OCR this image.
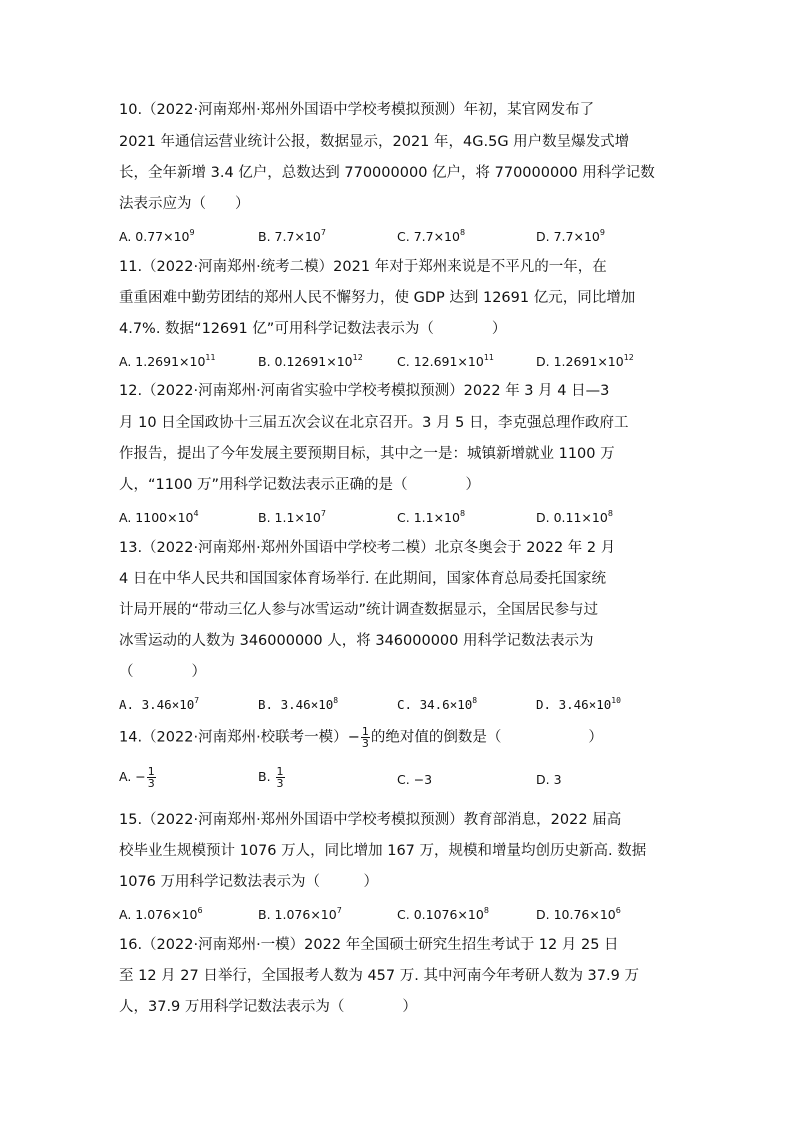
10.（2022·河南郑州·郑州外国语中学校考模拟预测）年初，某官网发布了
2021 年通信运营业统计公报，数据显示，2021 年，4G.5G 用户数呈爆发式增
长，全年新增 3.4 亿户，总数达到 770000000 亿户，将 770000000 用科学记数
法表示应为（　　）
A. $0.77\times 10^9$	B. $7.7\times 10^7$	C. $7.7\times 10^8$	D. $7.7\times 10^9$
11.（2022·河南郑州·统考二模）2021 年对于郑州来说是不平凡的一年，在
重重困难中勤劳团结的郑州人民不懈努力，使 GDP 达到 12691 亿元，同比增加
4.7%. 数据“12691 亿”可用科学记数法表示为（　　　　）
A. $1.2691\times 10^{11}$	B. $0.12691\times 10^{12}$	C. $12.691\times 10^{11}$	D. $1.2691\times 10^{12}$
12.（2022·河南郑州·河南省实验中学校考模拟预测）2022 年 3 月 4 日—3
月 10 日全国政协十三届五次会议在北京召开。3 月 5 日，李克强总理作政府工
作报告，提出了今年发展主要预期目标，其中之一是：城镇新增就业 1100 万
人，“1100 万”用科学记数法表示正确的是（　　　　）
A. $1100\times 10^4$	B. $1.1\times 10^7$	C. $1.1\times 10^8$	D. $0.11\times 10^8$
13.（2022·河南郑州·郑州外国语中学校考二模）北京冬奥会于 2022 年 2 月
4 日在中华人民共和国国家体育场举行. 在此期间，国家体育总局委托国家统
计局开展的“带动三亿人参与冰雪运动”统计调查数据显示，全国居民参与过
冰雪运动的人数为 346000000 人，将 346000000 用科学记数法表示为
（　　　　）
A. $3.46\times 10^7$	B. $3.46\times 10^8$	C. $34.6\times 10^8$	D. $3.46\times 10^{10}$
14.（2022·河南郑州·校联考一模）− $\frac{1}{3}$ 的绝对值的倒数是（　　　　　　）
A. − $\frac{1}{3}$	B. $\frac{1}{3}$	C. −3	D. 3
15.（2022·河南郑州·郑州外国语中学校考模拟预测）教育部消息，2022 届高
校毕业生规模预计 1076 万人，同比增加 167 万，规模和增量均创历史新高. 数据
1076 万用科学记数法表示为（　　　）
A. $1.076\times 10^6$	B. $1.076\times 10^7$	C. $0.1076\times 10^8$	D. $10.76\times 10^6$
16.（2022·河南郑州·一模）2022 年全国硕士研究生招生考试于 12 月 25 日
至 12 月 27 日举行，全国报考人数为 457 万. 其中河南今年考研人数为 37.9 万
人，37.9 万用科学记数法表示为（　　　　）
